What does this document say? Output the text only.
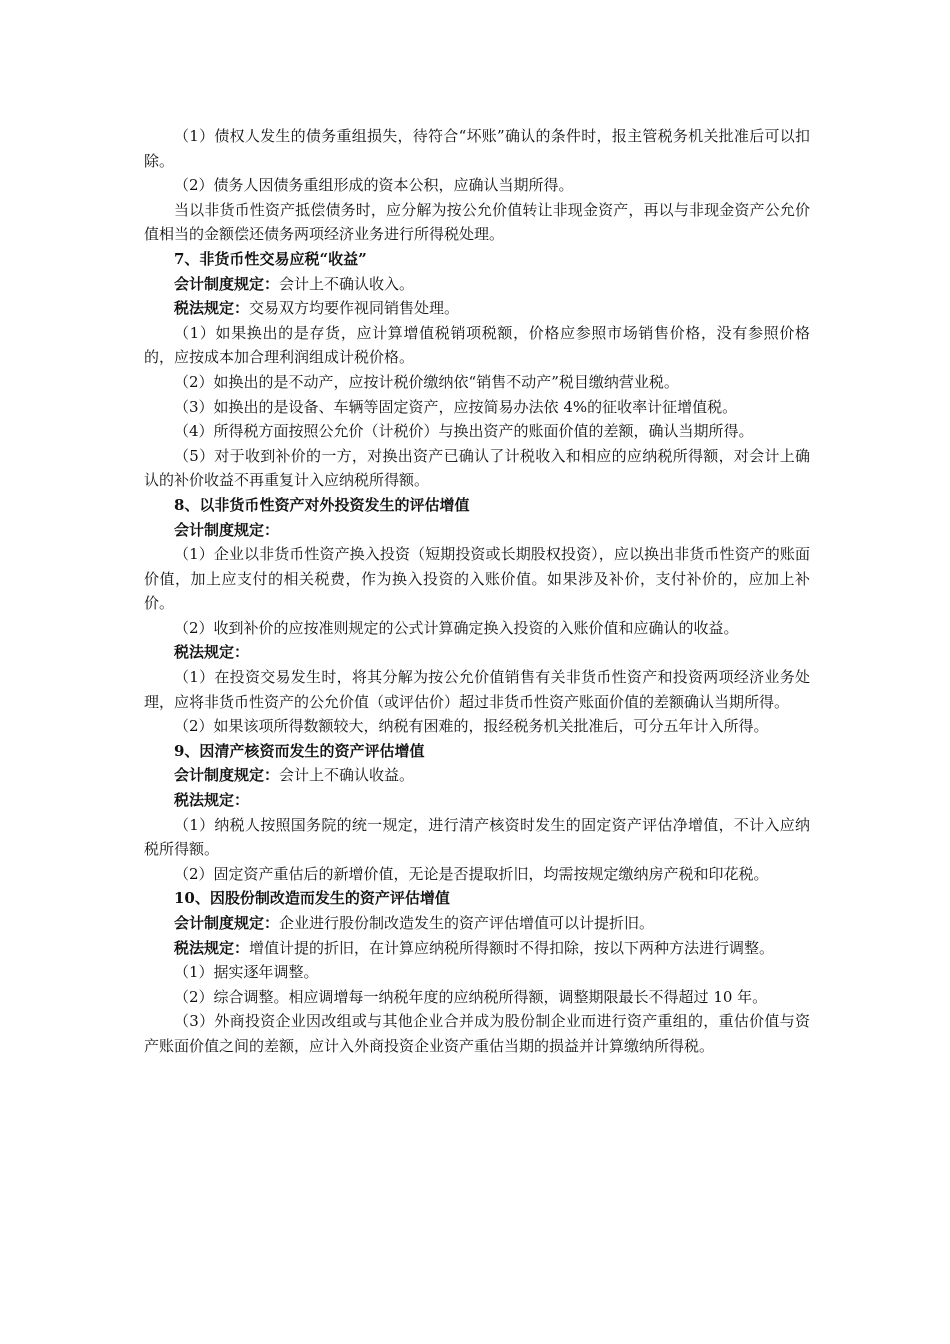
（1）债权人发生的债务重组损失，待符合“坏账”确认的条件时，报主管税务机关批准后可以扣除。

（2）债务人因债务重组形成的资本公积，应确认当期所得。

当以非货币性资产抵偿债务时，应分解为按公允价值转让非现金资产，再以与非现金资产公允价值相当的金额偿还债务两项经济业务进行所得税处理。

7、非货币性交易应税“收益”

会计制度规定：会计上不确认收入。

税法规定：交易双方均要作视同销售处理。

（1）如果换出的是存货，应计算增值税销项税额，价格应参照市场销售价格，没有参照价格的，应按成本加合理利润组成计税价格。

（2）如换出的是不动产，应按计税价缴纳依“销售不动产”税目缴纳营业税。

（3）如换出的是设备、车辆等固定资产，应按简易办法依 4%的征收率计征增值税。

（4）所得税方面按照公允价（计税价）与换出资产的账面价值的差额，确认当期所得。

（5）对于收到补价的一方，对换出资产已确认了计税收入和相应的应纳税所得额，对会计上确认的补价收益不再重复计入应纳税所得额。

8、以非货币性资产对外投资发生的评估增值

会计制度规定：

（1）企业以非货币性资产换入投资（短期投资或长期股权投资），应以换出非货币性资产的账面价值，加上应支付的相关税费，作为换入投资的入账价值。如果涉及补价，支付补价的，应加上补价。

（2）收到补价的应按准则规定的公式计算确定换入投资的入账价值和应确认的收益。

税法规定：

（1）在投资交易发生时，将其分解为按公允价值销售有关非货币性资产和投资两项经济业务处理，应将非货币性资产的公允价值（或评估价）超过非货币性资产账面价值的差额确认当期所得。

（2）如果该项所得数额较大，纳税有困难的，报经税务机关批准后，可分五年计入所得。

9、因清产核资而发生的资产评估增值

会计制度规定：会计上不确认收益。

税法规定：

（1）纳税人按照国务院的统一规定，进行清产核资时发生的固定资产评估净增值，不计入应纳税所得额。

（2）固定资产重估后的新增价值，无论是否提取折旧，均需按规定缴纳房产税和印花税。

10、因股份制改造而发生的资产评估增值

会计制度规定：企业进行股份制改造发生的资产评估增值可以计提折旧。

税法规定：增值计提的折旧，在计算应纳税所得额时不得扣除，按以下两种方法进行调整。

（1）据实逐年调整。

（2）综合调整。相应调增每一纳税年度的应纳税所得额，调整期限最长不得超过 10 年。

（3）外商投资企业因改组或与其他企业合并成为股份制企业而进行资产重组的，重估价值与资产账面价值之间的差额，应计入外商投资企业资产重估当期的损益并计算缴纳所得税。
